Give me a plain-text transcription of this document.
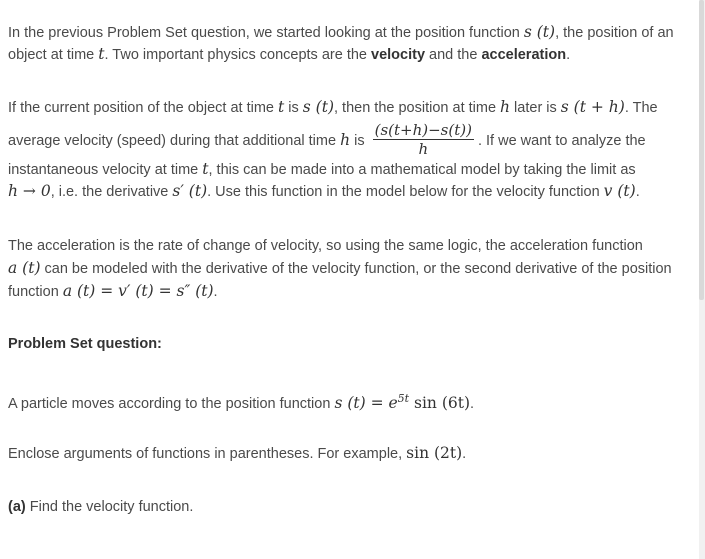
In the previous Problem Set question, we started looking at the position function s (t), the position of an
object at time t. Two important physics concepts are the velocity and the acceleration.
If the current position of the object at time t is s (t), then the position at time h later is s (t + h). The
average velocity (speed) during that additional time h is $\frac{(s(t+h)-s(t))}{h}$ . If we want to analyze the
instantaneous velocity at time t, this can be made into a mathematical model by taking the limit as
h → 0, i.e. the derivative s′ (t). Use this function in the model below for the velocity function v (t).
The acceleration is the rate of change of velocity, so using the same logic, the acceleration function
a (t) can be modeled with the derivative of the velocity function, or the second derivative of the position
function a (t) = v′ (t) = s″ (t).
Problem Set question:
A particle moves according to the position function s $(t) = e^{5t}$ sin (6t).
Enclose arguments of functions in parentheses. For example, sin (2t).
(a) Find the velocity function.
